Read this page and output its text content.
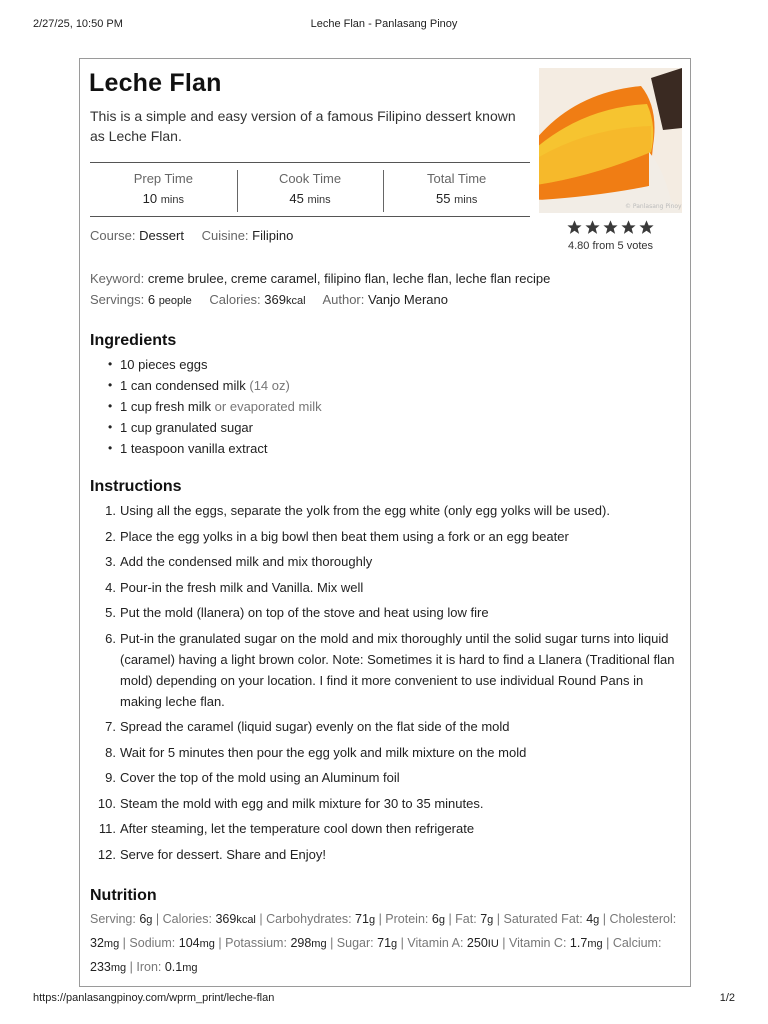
2/27/25, 10:50 PM	Leche Flan - Panlasang Pinoy
Leche Flan

This is a simple and easy version of a famous Filipino dessert known as Leche Flan.

© Panlasang Pinoy
4.80 from 5 votes
Prep Time
10 mins
Cook Time
45 mins
Total Time
55 mins
Course: Dessert Cuisine: Filipino
Keyword: creme brulee, creme caramel, filipino flan, leche flan, leche flan recipe
Servings: 6 people Calories: 369kcal Author: Vanjo Merano
Ingredients
• 10 pieces eggs
• 1 can condensed milk (14 oz)
• 1 cup fresh milk or evaporated milk
• 1 cup granulated sugar
• 1 teaspoon vanilla extract
Instructions
1. Using all the eggs, separate the yolk from the egg white (only egg yolks will be used).
2. Place the egg yolks in a big bowl then beat them using a fork or an egg beater
3. Add the condensed milk and mix thoroughly
4. Pour-in the fresh milk and Vanilla. Mix well
5. Put the mold (llanera) on top of the stove and heat using low fire
6. Put-in the granulated sugar on the mold and mix thoroughly until the solid sugar turns into liquid (caramel) having a light brown color. Note: Sometimes it is hard to find a Llanera (Traditional flan mold) depending on your location. I find it more convenient to use individual Round Pans in making leche flan.
7. Spread the caramel (liquid sugar) evenly on the flat side of the mold
8. Wait for 5 minutes then pour the egg yolk and milk mixture on the mold
9. Cover the top of the mold using an Aluminum foil
10. Steam the mold with egg and milk mixture for 30 to 35 minutes.
11. After steaming, let the temperature cool down then refrigerate
12. Serve for dessert. Share and Enjoy!
Nutrition
Serving: 6g | Calories: 369kcal | Carbohydrates: 71g | Protein: 6g | Fat: 7g | Saturated Fat: 4g | Cholesterol: 32mg | Sodium: 104mg | Potassium: 298mg | Sugar: 71g | Vitamin A: 250IU | Vitamin C: 1.7mg | Calcium: 233mg | Iron: 0.1mg
https://panlasangpinoy.com/wprm_print/leche-flan	1/2
